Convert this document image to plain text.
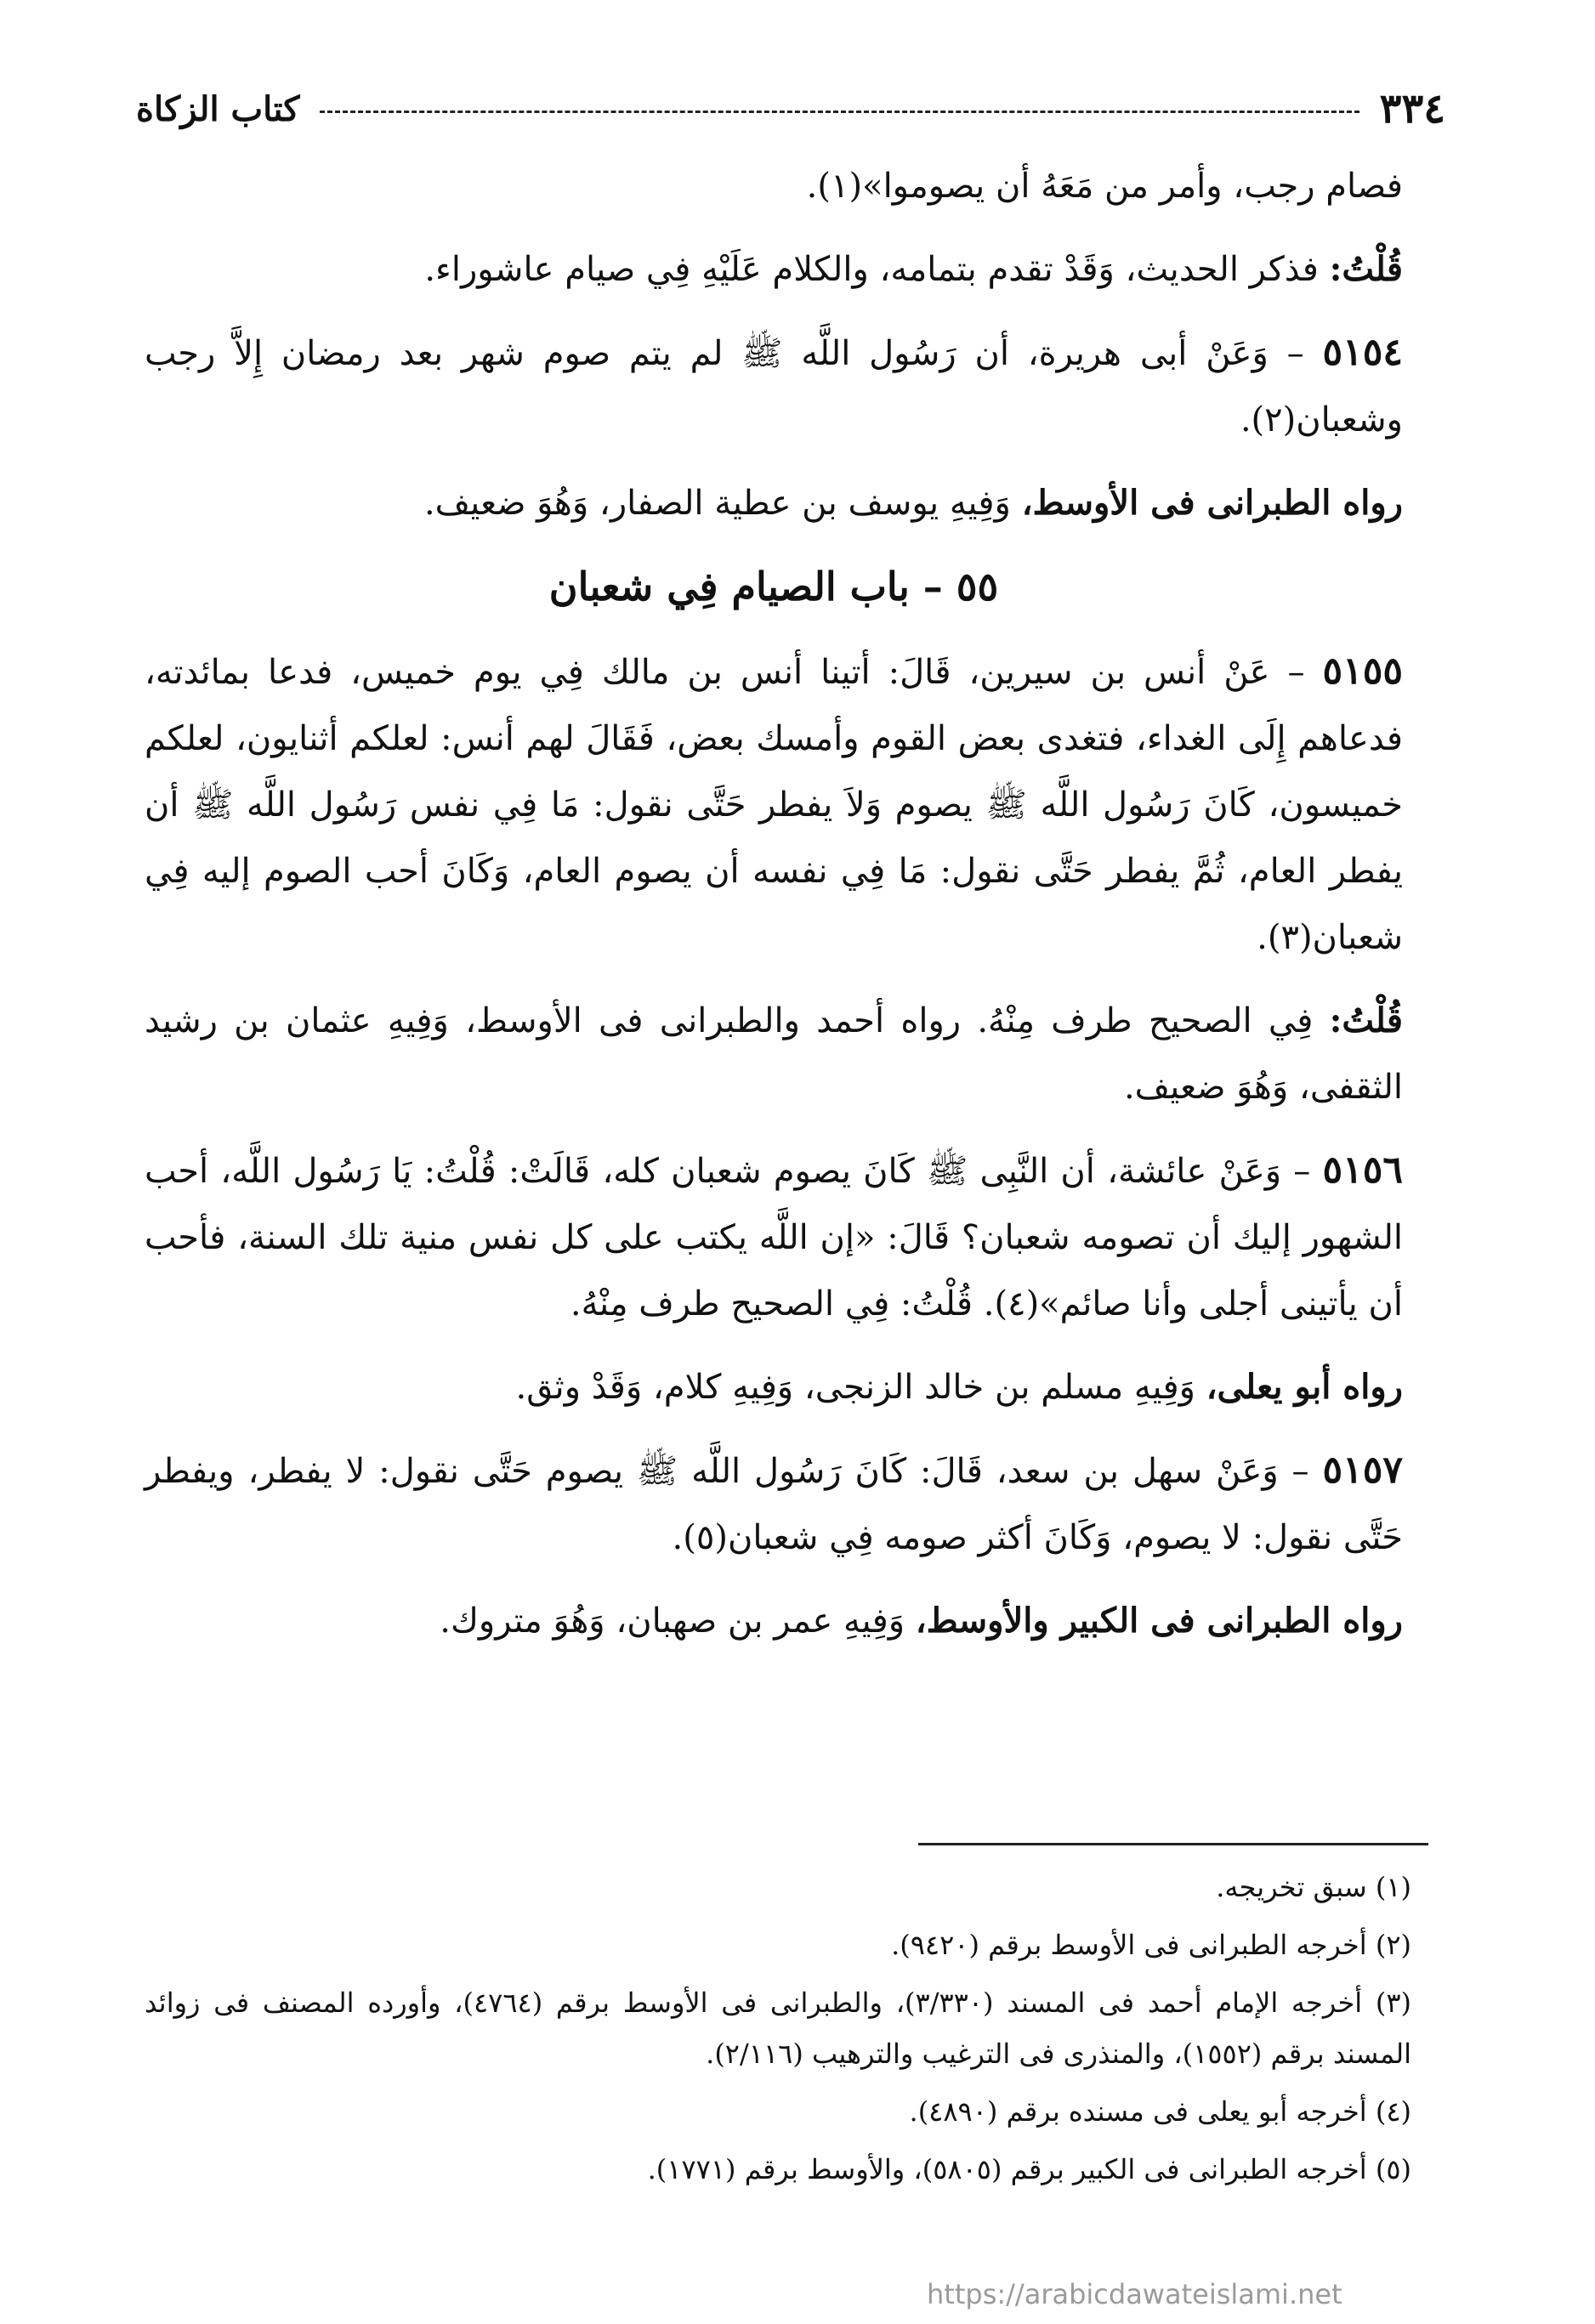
٣٣٤
كتاب الزكاة

فصام رجب، وأمر من مَعَهُ أن يصوموا»(١).

قُلْتُ: فذكر الحديث، وَقَدْ تقدم بتمامه، والكلام عَلَيْهِ فِي صيام عاشوراء.

٥١٥٤ – وَعَنْ أبى هريرة، أن رَسُول اللَّه ﷺ لم يتم صوم شهر بعد رمضان إِلاَّ رجب وشعبان(٢).

رواه الطبرانى فى الأوسط، وَفِيهِ يوسف بن عطية الصفار، وَهُوَ ضعيف.

٥٥ – باب الصيام فِي شعبان

٥١٥٥ – عَنْ أنس بن سيرين، قَالَ: أتينا أنس بن مالك فِي يوم خميس، فدعا بمائدته، فدعاهم إِلَى الغداء، فتغدى بعض القوم وأمسك بعض، فَقَالَ لهم أنس: لعلكم أثنايون، لعلكم خميسون، كَانَ رَسُول اللَّه ﷺ يصوم وَلاَ يفطر حَتَّى نقول: مَا فِي نفس رَسُول اللَّه ﷺ أن يفطر العام، ثُمَّ يفطر حَتَّى نقول: مَا فِي نفسه أن يصوم العام، وَكَانَ أحب الصوم إليه فِي شعبان(٣).

قُلْتُ: فِي الصحيح طرف مِنْهُ. رواه أحمد والطبرانى فى الأوسط، وَفِيهِ عثمان بن رشيد الثقفى، وَهُوَ ضعيف.

٥١٥٦ – وَعَنْ عائشة، أن النَّبِى ﷺ كَانَ يصوم شعبان كله، قَالَتْ: قُلْتُ: يَا رَسُول اللَّه، أحب الشهور إليك أن تصومه شعبان؟ قَالَ: «إن اللَّه يكتب على كل نفس منية تلك السنة، فأحب أن يأتينى أجلى وأنا صائم»(٤). قُلْتُ: فِي الصحيح طرف مِنْهُ.

رواه أبو يعلى، وَفِيهِ مسلم بن خالد الزنجى، وَفِيهِ كلام، وَقَدْ وثق.

٥١٥٧ – وَعَنْ سهل بن سعد، قَالَ: كَانَ رَسُول اللَّه ﷺ يصوم حَتَّى نقول: لا يفطر، ويفطر حَتَّى نقول: لا يصوم، وَكَانَ أكثر صومه فِي شعبان(٥).

رواه الطبرانى فى الكبير والأوسط، وَفِيهِ عمر بن صهبان، وَهُوَ متروك.

(١) سبق تخريجه.

(٢) أخرجه الطبرانى فى الأوسط برقم (٩٤٢٠).

(٣) أخرجه الإمام أحمد فى المسند (٣/٣٣٠)، والطبرانى فى الأوسط برقم (٤٧٦٤)، وأورده المصنف فى زوائد المسند برقم (١٥٥٢)، والمنذرى فى الترغيب والترهيب (٢/١١٦).

(٤) أخرجه أبو يعلى فى مسنده برقم (٤٨٩٠).

(٥) أخرجه الطبرانى فى الكبير برقم (٥٨٠٥)، والأوسط برقم (١٧٧١).

https://arabicdawateislami.net
